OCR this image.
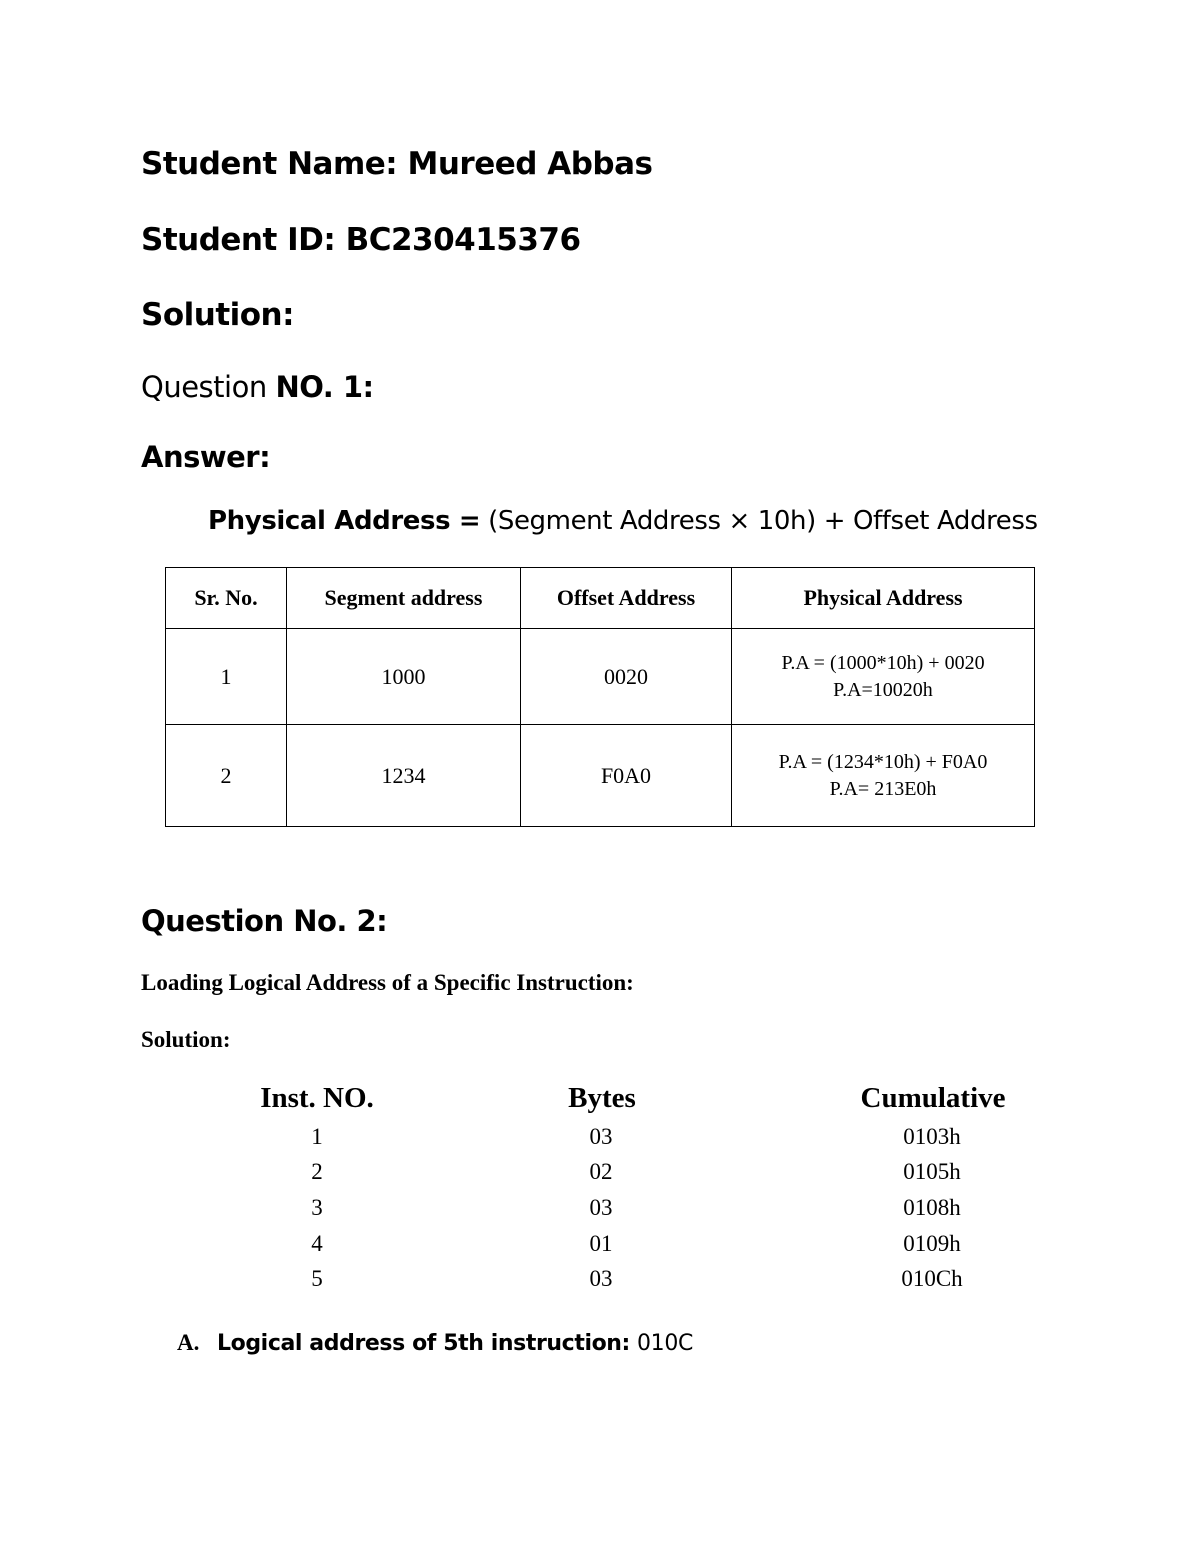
Student Name: Mureed Abbas
Student ID: BC230415376
Solution:
Question NO. 1:
Answer:
Physical Address = (Segment Address × 10h) + Offset Address
Sr. No.	Segment address	Offset Address	Physical Address
1	1000	0020	P.A = (1000*10h) + 0020
P.A=10020h

2	1234	F0A0	P.A = (1234*10h) + F0A0
P.A= 213E0h
Question No. 2:
Loading Logical Address of a Specific Instruction:
Solution:
Inst. NO.	Bytes	Cumulative
1	03	0103h
2	02	0105h
3	03	0108h
4	01	0109h
5	03	010Ch
A. Logical address of 5th instruction: 010C
